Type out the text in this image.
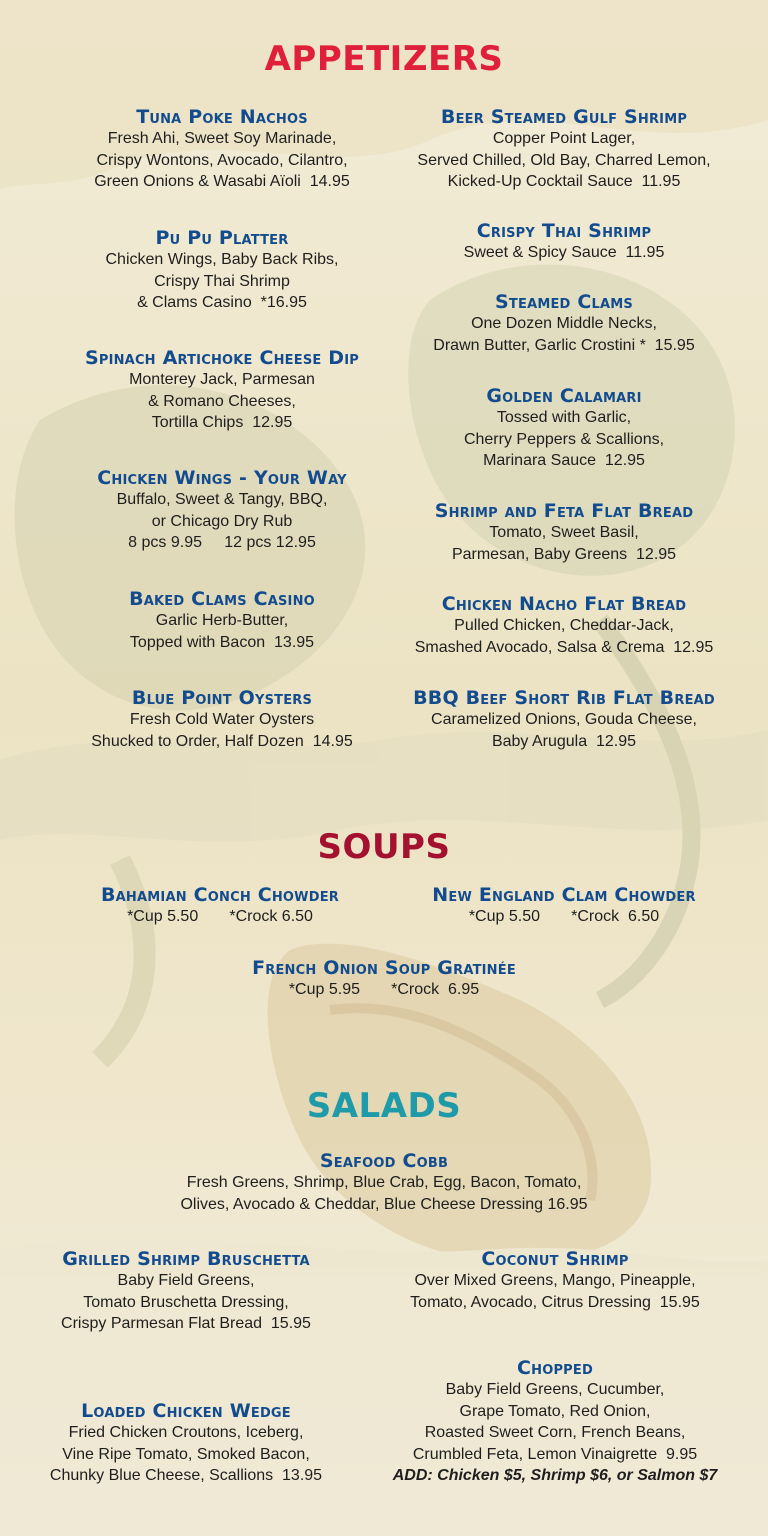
APPETIZERS
Tuna Poke Nachos
Fresh Ahi, Sweet Soy Marinade,
Crispy Wontons, Avocado, Cilantro,
Green Onions & Wasabi Aïoli  14.95
Pu Pu Platter
Chicken Wings, Baby Back Ribs,
Crispy Thai Shrimp
& Clams Casino  *16.95
Spinach Artichoke Cheese Dip
Monterey Jack, Parmesan
& Romano Cheeses,
Tortilla Chips  12.95
Chicken Wings - Your Way
Buffalo, Sweet & Tangy, BBQ,
or Chicago Dry Rub
8 pcs 9.95     12 pcs 12.95
Baked Clams Casino
Garlic Herb-Butter,
Topped with Bacon  13.95
Blue Point Oysters
Fresh Cold Water Oysters
Shucked to Order, Half Dozen  14.95
Beer Steamed Gulf Shrimp
Copper Point Lager,
Served Chilled, Old Bay, Charred Lemon,
Kicked-Up Cocktail Sauce  11.95
Crispy Thai Shrimp
Sweet & Spicy Sauce  11.95
Steamed Clams
One Dozen Middle Necks,
Drawn Butter, Garlic Crostini *  15.95
Golden Calamari
Tossed with Garlic,
Cherry Peppers & Scallions,
Marinara Sauce  12.95
Shrimp and Feta Flat Bread
Tomato, Sweet Basil,
Parmesan, Baby Greens  12.95
Chicken Nacho Flat Bread
Pulled Chicken, Cheddar-Jack,
Smashed Avocado, Salsa & Crema  12.95
BBQ Beef Short Rib Flat Bread
Caramelized Onions, Gouda Cheese,
Baby Arugula  12.95
SOUPS
Bahamian Conch Chowder
*Cup 5.50       *Crock 6.50
New England Clam Chowder
*Cup 5.50       *Crock  6.50
French Onion Soup Gratinée
*Cup 5.95       *Crock  6.95
SALADS
Seafood Cobb
Fresh Greens, Shrimp, Blue Crab, Egg, Bacon, Tomato,
Olives, Avocado & Cheddar, Blue Cheese Dressing 16.95
Grilled Shrimp Bruschetta
Baby Field Greens,
Tomato Bruschetta Dressing,
Crispy Parmesan Flat Bread  15.95
Coconut Shrimp
Over Mixed Greens, Mango, Pineapple,
Tomato, Avocado, Citrus Dressing  15.95
Chopped
Baby Field Greens, Cucumber,
Grape Tomato, Red Onion,
Roasted Sweet Corn, French Beans,
Crumbled Feta, Lemon Vinaigrette  9.95
ADD: Chicken $5, Shrimp $6, or Salmon $7
Loaded Chicken Wedge
Fried Chicken Croutons, Iceberg,
Vine Ripe Tomato, Smoked Bacon,
Chunky Blue Cheese, Scallions  13.95
